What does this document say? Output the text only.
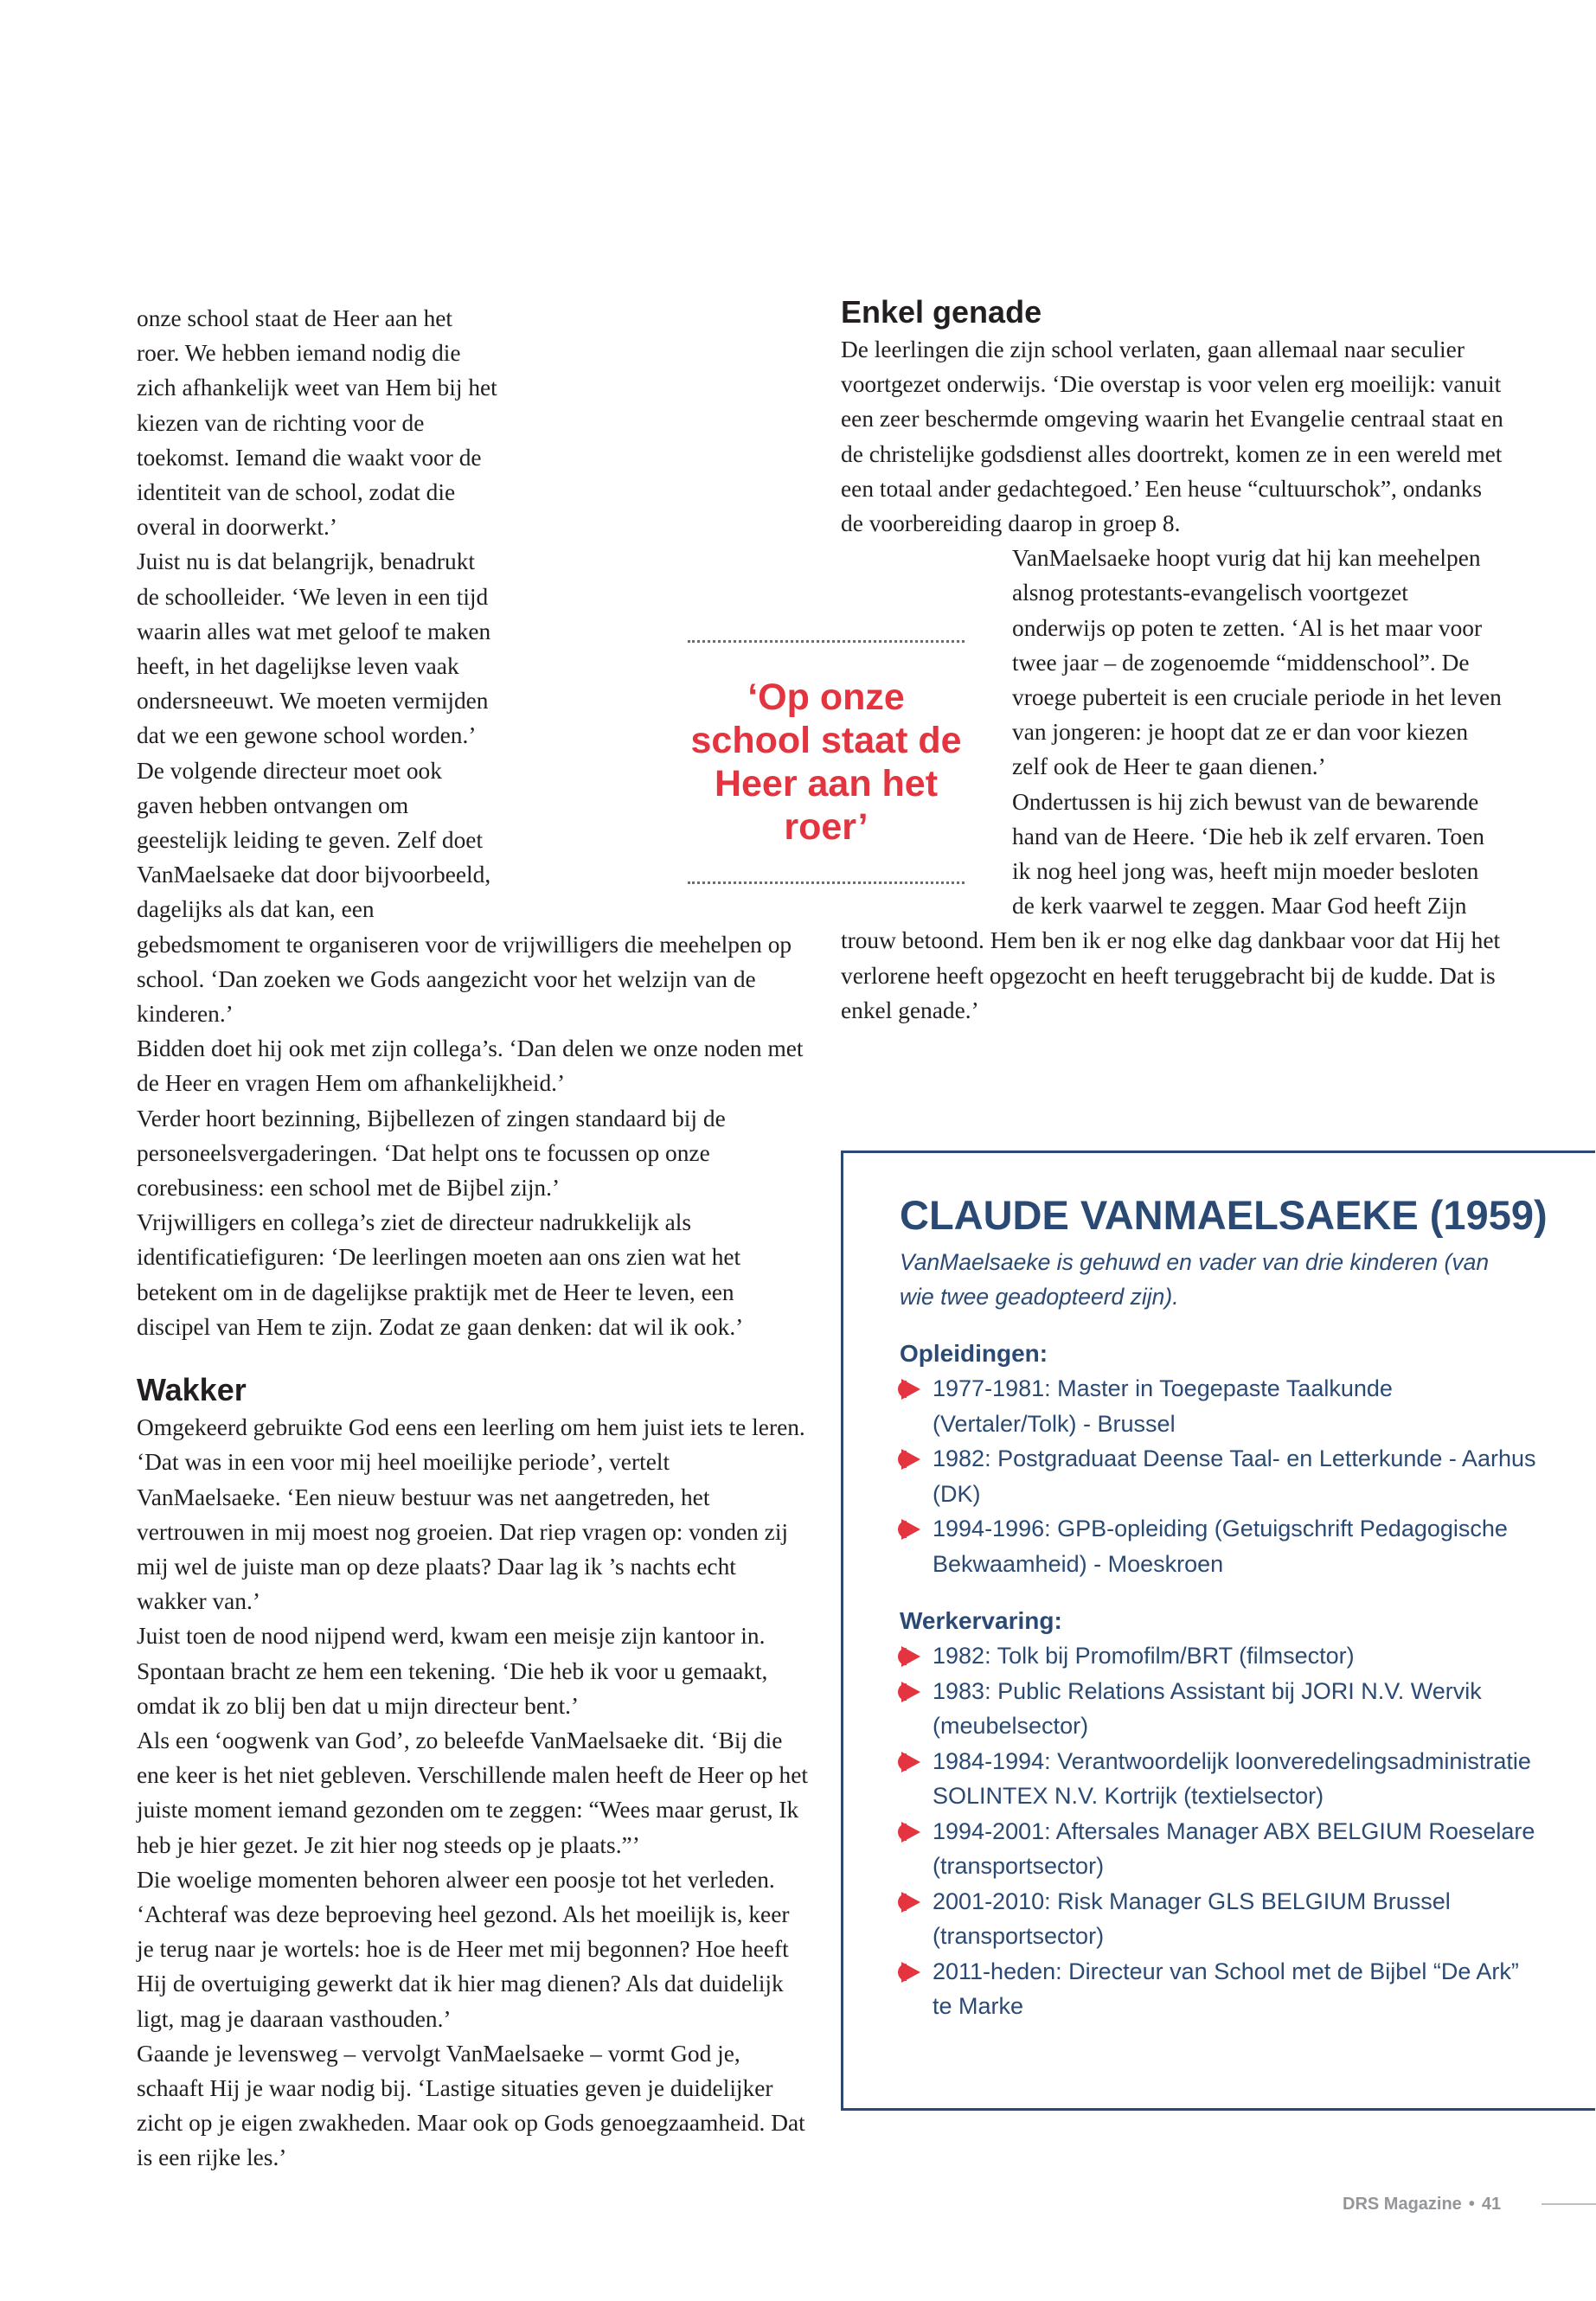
onze school staat de Heer aan het roer. We hebben iemand nodig die zich afhankelijk weet van Hem bij het kiezen van de richting voor de toekomst. Iemand die waakt voor de identiteit van de school, zodat die overal in doorwerkt.’

Juist nu is dat belangrijk, benadrukt de schoolleider. ‘We leven in een tijd waarin alles wat met geloof te maken heeft, in het dagelijkse leven vaak ondersneeuwt. We moeten vermijden dat we een gewone school worden.’

De volgende directeur moet ook gaven hebben ontvangen om geestelijk leiding te geven. Zelf doet VanMaelsaeke dat door bijvoorbeeld, dagelijks als dat kan, een gebedsmoment te organiseren voor de vrijwilligers die meehelpen op school. ‘Dan zoeken we Gods aangezicht voor het welzijn van de kinderen.’

Bidden doet hij ook met zijn collega’s. ‘Dan delen we onze noden met de Heer en vragen Hem om afhankelijkheid.’

Verder hoort bezinning, Bijbellezen of zingen standaard bij de personeelsvergaderingen. ‘Dat helpt ons te focussen op onze corebusiness: een school met de Bijbel zijn.’

Vrijwilligers en collega’s ziet de directeur nadrukkelijk als identificatiefiguren: ‘De leerlingen moeten aan ons zien wat het betekent om in de dagelijkse praktijk met de Heer te leven, een discipel van Hem te zijn. Zodat ze gaan denken: dat wil ik ook.’

Wakker

Omgekeerd gebruikte God eens een leerling om hem juist iets te leren. ‘Dat was in een voor mij heel moeilijke periode’, vertelt VanMaelsaeke. ‘Een nieuw bestuur was net aangetreden, het vertrouwen in mij moest nog groeien. Dat riep vragen op: vonden zij mij wel de juiste man op deze plaats? Daar lag ik ’s nachts echt wakker van.’

Juist toen de nood nijpend werd, kwam een meisje zijn kantoor in. Spontaan bracht ze hem een tekening. ‘Die heb ik voor u gemaakt, omdat ik zo blij ben dat u mijn directeur bent.’

Als een ‘oogwenk van God’, zo beleefde VanMaelsaeke dit. ‘Bij die ene keer is het niet gebleven. Verschillende malen heeft de Heer op het juiste moment iemand gezonden om te zeggen: “Wees maar gerust, Ik heb je hier gezet. Je zit hier nog steeds op je plaats.”’

Die woelige momenten behoren alweer een poosje tot het verleden. ‘Achteraf was deze beproeving heel gezond. Als het moeilijk is, keer je terug naar je wortels: hoe is de Heer met mij begonnen? Hoe heeft Hij de overtuiging gewerkt dat ik hier mag dienen? Als dat duidelijk ligt, mag je daaraan vasthouden.’

Gaande je levensweg – vervolgt VanMaelsaeke – vormt God je, schaaft Hij je waar nodig bij. ‘Lastige situaties geven je duidelijker zicht op je eigen zwakheden. Maar ook op Gods genoegzaamheid. Dat is een rijke les.’

Enkel genade

De leerlingen die zijn school verlaten, gaan allemaal naar seculier voortgezet onderwijs. ‘Die overstap is voor velen erg moeilijk: vanuit een zeer beschermde omgeving waarin het Evangelie centraal staat en de christelijke godsdienst alles doortrekt, komen ze in een wereld met een totaal ander gedachtegoed.’ Een heuse “cultuurschok”, ondanks de voorbereiding daarop in groep 8.

VanMaelsaeke hoopt vurig dat hij kan meehelpen alsnog protestants-evangelisch voortgezet onderwijs op poten te zetten. ‘Al is het maar voor twee jaar – de zogenoemde “middenschool”. De vroege puberteit is een cruciale periode in het leven van jongeren: je hoopt dat ze er dan voor kiezen zelf ook de Heer te gaan dienen.’

Ondertussen is hij zich bewust van de bewarende hand van de Heere. ‘Die heb ik zelf ervaren. Toen ik nog heel jong was, heeft mijn moeder besloten de kerk vaarwel te zeggen. Maar God heeft Zijn trouw betoond. Hem ben ik er nog elke dag dankbaar voor dat Hij het verlorene heeft opgezocht en heeft teruggebracht bij de kudde. Dat is enkel genade.’

‘Op onze school staat de Heer aan het roer’
CLAUDE VANMAELSAEKE (1959)

VanMaelsaeke is gehuwd en vader van drie kinderen (van wie twee geadopteerd zijn).

Opleidingen:

1977-1981: Master in Toegepaste Taalkunde (Vertaler/Tolk) - Brussel
1982: Postgraduaat Deense Taal- en Letterkunde - Aarhus (DK)
1994-1996: GPB-opleiding (Getuigschrift Pedagogische Bekwaamheid) - Moeskroen

Werkervaring:

1982: Tolk bij Promofilm/BRT (filmsector)
1983: Public Relations Assistant bij JORI N.V. Wervik (meubelsector)
1984-1994: Verantwoordelijk loonveredelingsadministratie SOLINTEX N.V. Kortrijk (textielsector)
1994-2001: Aftersales Manager ABX BELGIUM Roeselare (transportsector)
2001-2010: Risk Manager GLS BELGIUM Brussel (transportsector)
2011-heden: Directeur van School met de Bijbel “De Ark” te Marke
DRS Magazine • 41
